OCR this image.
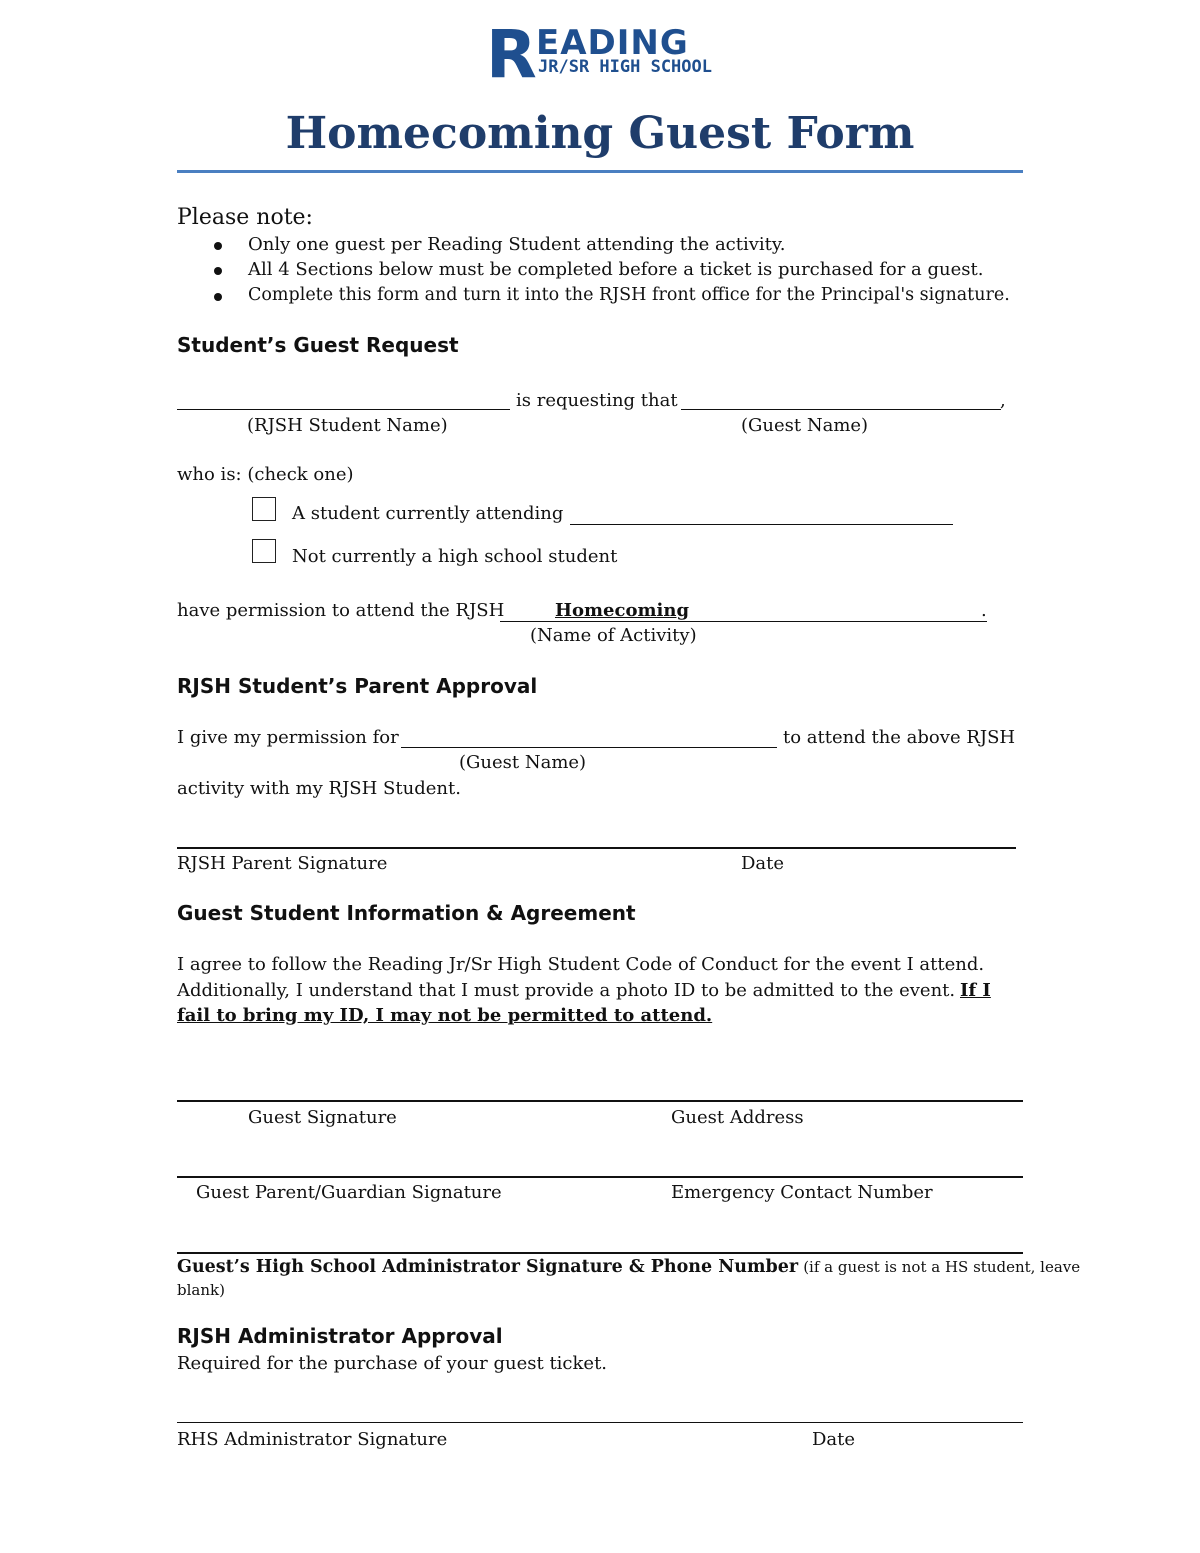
R EADING
JR/SR HIGH SCHOOL
Homecoming Guest Form
Please note:
Only one guest per Reading Student attending the activity.
All 4 Sections below must be completed before a ticket is purchased for a guest.
Complete this form and turn it into the RJSH front office for the Principal's signature.
Student’s Guest Request
is requesting that	,
(RJSH Student Name)	(Guest Name)
who is: (check one)
A student currently attending
Not currently a high school student
have permission to attend the RJSH	Homecoming	.
(Name of Activity)
RJSH Student’s Parent Approval
I give my permission for	to attend the above RJSH
(Guest Name)
activity with my RJSH Student.
RJSH Parent Signature	Date
Guest Student Information & Agreement
I agree to follow the Reading Jr/Sr High Student Code of Conduct for the event I attend.
Additionally, I understand that I must provide a photo ID to be admitted to the event. If I
fail to bring my ID, I may not be permitted to attend.
Guest Signature	Guest Address
Guest Parent/Guardian Signature	Emergency Contact Number
Guest’s High School Administrator Signature & Phone Number (if a guest is not a HS student, leave
blank)
RJSH Administrator Approval
Required for the purchase of your guest ticket.
RHS Administrator Signature	Date
